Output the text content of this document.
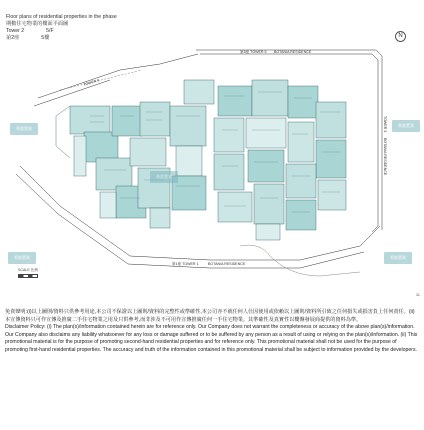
Floor plans of residential properties in the phase
期數住宅物業的樓面平面圖
Tower 2	5/F
第2座	5樓	N
第5座 TOWER 5 BOTANIA RESIDENCE
TOWER 3
BOTANIA RESIDENCE
第1座 TOWER 1	BOTANIA RESIDENCE
TOWER 6
香港置業
香港置業
香港置業
香港置業	香港置業
SCALE 比例
11

免責聲明:(i)以上圖則/資料只供參考用途,本公司不保證以上圖則/資料的完整性或準確性,本公司亦不就任何人仕因使用或依賴以上圖則/資料所引致之任何損失或損害負上任何責任。(ii)本宣傳資料只可作宣傳及推廣二手住宅物業之用及只供參考,而非涉及不可用作宣傳推廣任何一手住宅物業。其準確性及真實性以樓盤發展商提供的資料為準。

Disclaimer Policy: (i) The plan(s)/information contained herein are for reference only. Our Company does not warrant the completeness or accuracy of the above plan(s)/information. Our Company also disclaims any liability whatsoever for any loss or damage suffered or to be suffered by any person as a result of using or relying on the plan(s)/information. (ii) This promotional material is for the purpose of promoting second-hand residential properties and for reference only. This promotional material shall not be used for the purpose of promoting first-hand residential properties. The accuracy and truth of the information contained in this promotional material shall be subject to information provided by the developers.
